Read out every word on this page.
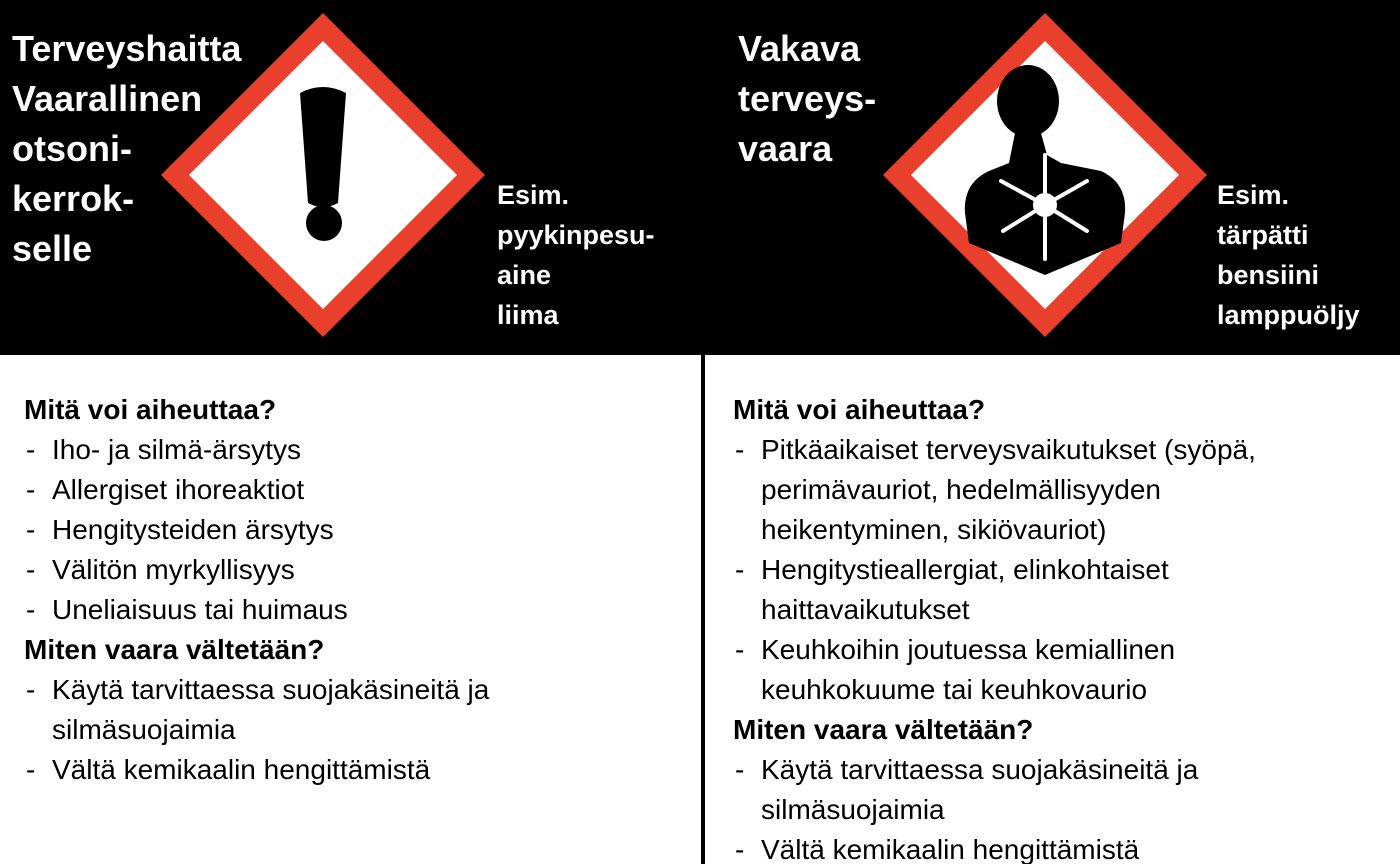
Terveyshaitta
Vaarallinen
otsoni-
kerrok-
selle
Esim.
pyykinpesu-
aine
liima
Mitä voi aiheuttaa?
- Iho- ja silmä-ärsytys
- Allergiset ihoreaktiot
- Hengitysteiden ärsytys
- Välitön myrkyllisyys
- Uneliaisuus tai huimaus
Miten vaara vältetään?
- Käytä tarvittaessa suojakäsineitä ja silmäsuojaimia
- Vältä kemikaalin hengittämistä
Vakava
terveys-
vaara
Esim.
tärpätti
bensiini
lamppuöljy
Mitä voi aiheuttaa?
- Pitkäaikaiset terveysvaikutukset (syöpä, perimävauriot, hedelmällisyyden heikentyminen, sikiövauriot)
- Hengitystieallergiat, elinkohtaiset haittavaikutukset
- Keuhkoihin joutuessa kemiallinen keuhkokuume tai keuhkovaurio
Miten vaara vältetään?
- Käytä tarvittaessa suojakäsineitä ja silmäsuojaimia
- Vältä kemikaalin hengittämistä
